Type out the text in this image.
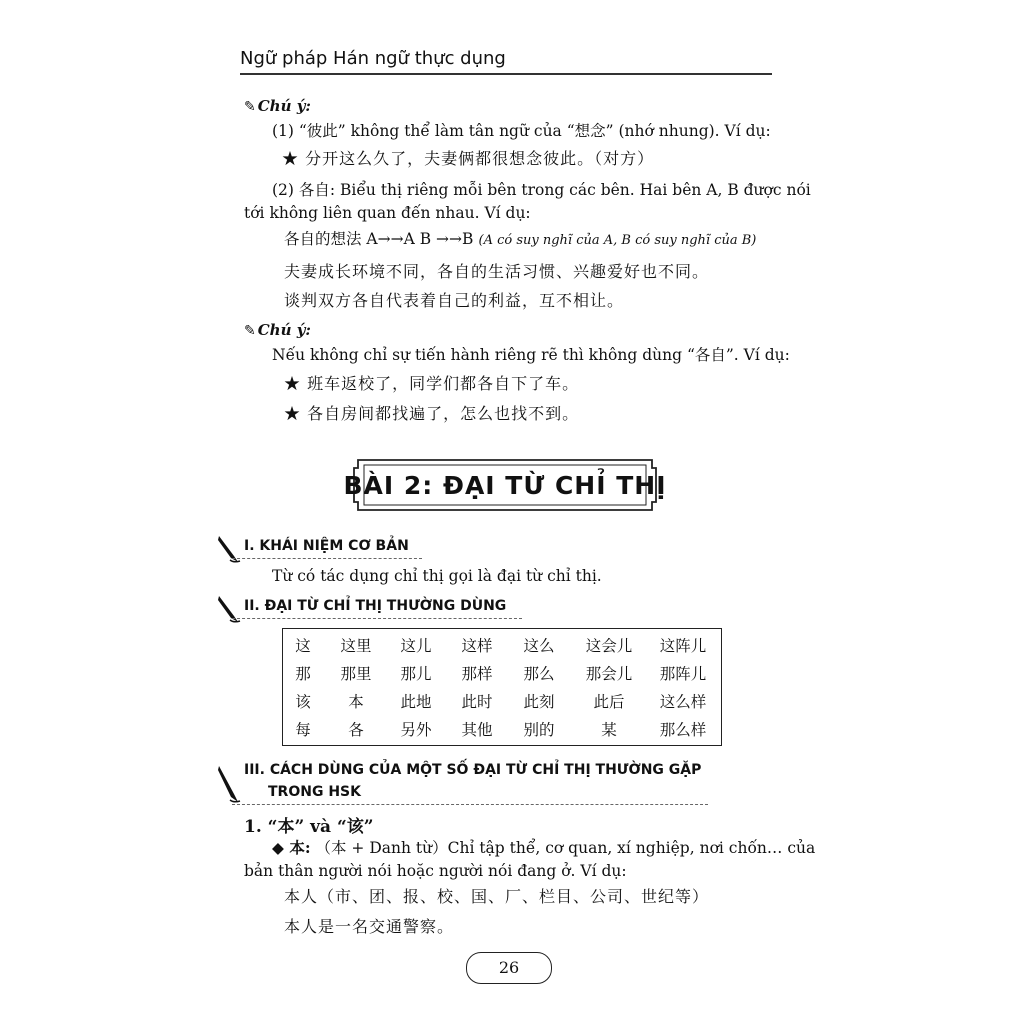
Ngữ pháp Hán ngữ thực dụng
✎ Chú ý:
(1) “彼此” không thể làm tân ngữ của “想念” (nhớ nhung). Ví dụ:
★ 分开这么久了，夫妻俩都很想念彼此。（对方）
(2) 各自: Biểu thị riêng mỗi bên trong các bên. Hai bên A, B được nói
tới không liên quan đến nhau. Ví dụ:
各自的想法 A→→A B →→B (A có suy nghĩ của A, B có suy nghĩ của B)
夫妻成长环境不同，各自的生活习惯、兴趣爱好也不同。
谈判双方各自代表着自己的利益，互不相让。
✎ Chú ý:
Nếu không chỉ sự tiến hành riêng rẽ thì không dùng “各自”. Ví dụ:
★ 班车返校了，同学们都各自下了车。
★ 各自房间都找遍了，怎么也找不到。
BÀI 2: ĐẠI TỪ CHỈ THỊ
I. KHÁI NIỆM CƠ BẢN
Từ có tác dụng chỉ thị gọi là đại từ chỉ thị.
II. ĐẠI TỪ CHỈ THỊ THƯỜNG DÙNG
这	这里	这儿	这样	这么	这会儿	这阵儿
那	那里	那儿	那样	那么	那会儿	那阵儿
该	本	此地	此时	此刻	此后	这么样
每	各	另外	其他	别的	某	那么样
III. CÁCH DÙNG CỦA MỘT SỐ ĐẠI TỪ CHỈ THỊ THƯỜNG GẶP
TRONG HSK
1. “本” và “该”
◆ 本: （本 + Danh từ）Chỉ tập thể, cơ quan, xí nghiệp, nơi chốn… của
bản thân người nói hoặc người nói đang ở. Ví dụ:
本人（市、团、报、校、国、厂、栏目、公司、世纪等）
本人是一名交通警察。
26
